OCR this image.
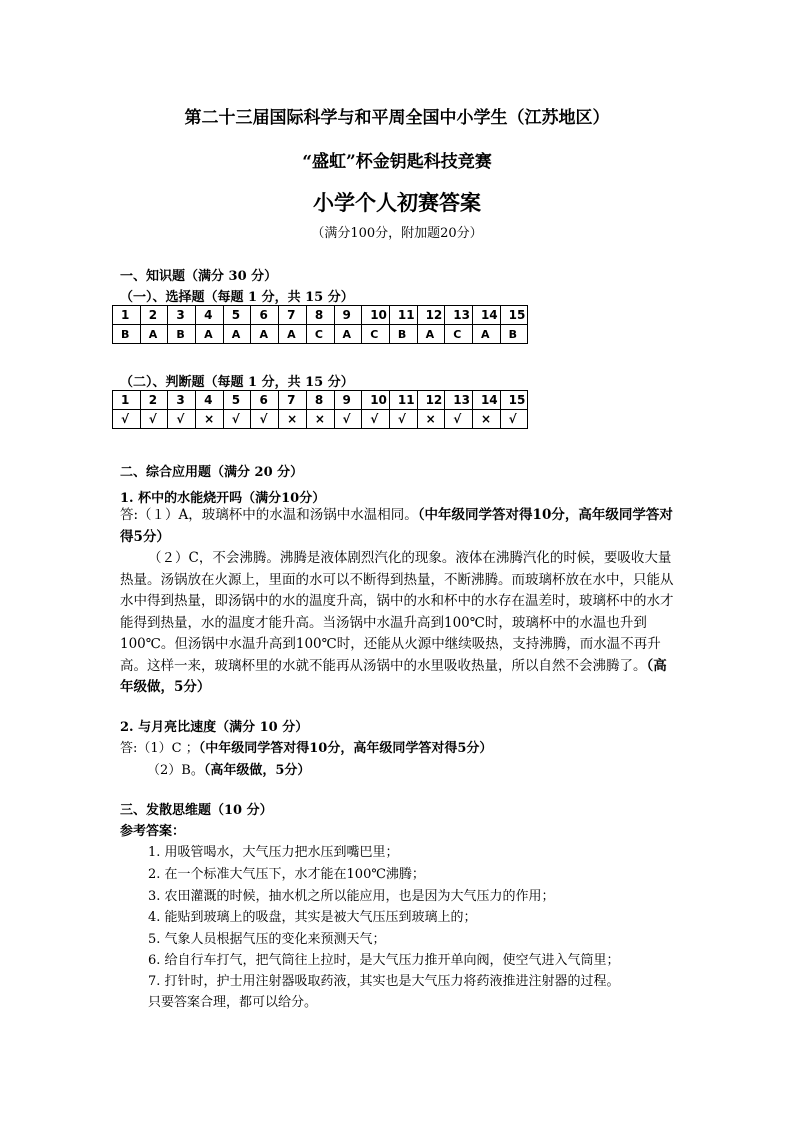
第二十三届国际科学与和平周全国中小学生（江苏地区）
“盛虹”杯金钥匙科技竞赛
小学个人初赛答案
（满分100分，附加题20分）
一、知识题（满分 30 分）
（一）、选择题（每题 1 分，共 15 分）
1	2	3	4	5	6	7	8	9	10	11	12	13	14	15
B	A	B	A	A	A	A	C	A	C	B	A	C	A	B
（二）、判断题（每题 1 分，共 15 分）
1	2	3	4	5	6	7	8	9	10	11	12	13	14	15
√	√	√	×	√	√	×	×	√	√	√	×	√	×	√
二、综合应用题（满分 20 分）
1. 杯中的水能烧开吗（满分10分）
答:（１）A，玻璃杯中的水温和汤锅中水温相同。（中年级同学答对得10分，高年级同学答对得5分）
（２）C，不会沸腾。沸腾是液体剧烈汽化的现象。液体在沸腾汽化的时候，要吸收大量热量。汤锅放在火源上，里面的水可以不断得到热量，不断沸腾。而玻璃杯放在水中，只能从水中得到热量，即汤锅中的水的温度升高，锅中的水和杯中的水存在温差时，玻璃杯中的水才能得到热量，水的温度才能升高。当汤锅中水温升高到100℃时，玻璃杯中的水温也升到100℃。但汤锅中水温升高到100℃时，还能从火源中继续吸热，支持沸腾，而水温不再升高。这样一来，玻璃杯里的水就不能再从汤锅中的水里吸收热量，所以自然不会沸腾了。（高年级做，5分）
2. 与月亮比速度（满分 10 分）
答:（1）C ；（中年级同学答对得10分，高年级同学答对得5分）
（2）B。（高年级做，5分）
三、发散思维题（10 分）
参考答案：
1. 用吸管喝水，大气压力把水压到嘴巴里；
2. 在一个标准大气压下，水才能在100℃沸腾；
3. 农田灌溉的时候，抽水机之所以能应用，也是因为大气压力的作用；
4. 能贴到玻璃上的吸盘，其实是被大气压压到玻璃上的；
5. 气象人员根据气压的变化来预测天气；
6. 给自行车打气，把气筒往上拉时，是大气压力推开单向阀，使空气进入气筒里；
7. 打针时，护士用注射器吸取药液，其实也是大气压力将药液推进注射器的过程。
只要答案合理，都可以给分。
